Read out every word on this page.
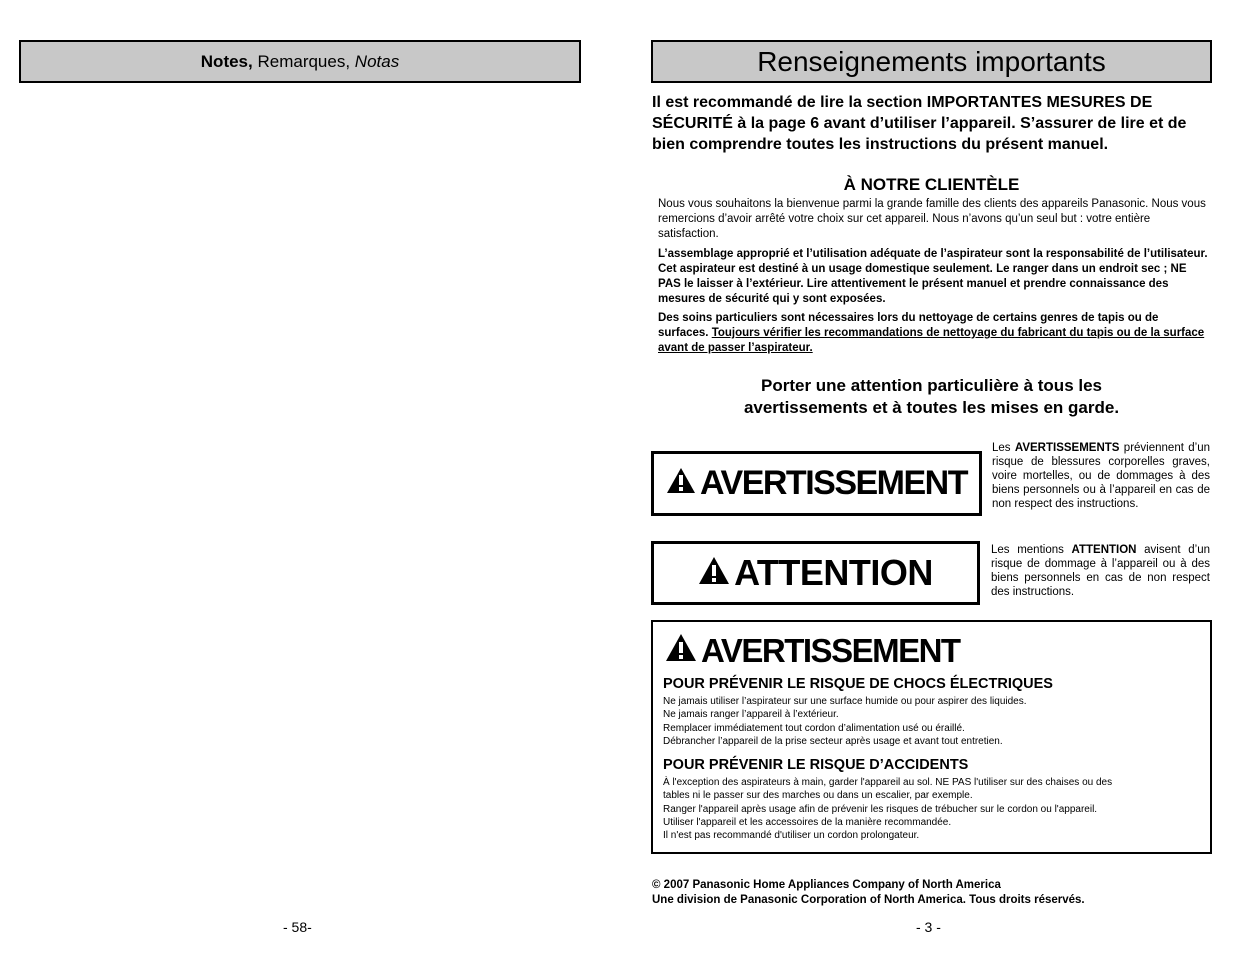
Notes, Remarques, Notas
- 58-
Renseignements importants
Il est recommandé de lire la section IMPORTANTES MESURES DE SÉCURITÉ à la page 6 avant d’utiliser l’appareil. S’assurer de lire et de bien comprendre toutes les instructions du présent manuel.
À NOTRE CLIENTÈLE
Nous vous souhaitons la bienvenue parmi la grande famille des clients des appareils Panasonic. Nous vous remercions d’avoir arrêté votre choix sur cet appareil. Nous n’avons qu’un seul but : votre entière satisfaction.
L’assemblage approprié et l’utilisation adéquate de l’aspirateur sont la responsabilité de l’utilisateur. Cet aspirateur est destiné à un usage domestique seulement. Le ranger dans un endroit sec ; NE PAS le laisser à l’extérieur. Lire attentivement le présent manuel et prendre connaissance des mesures de sécurité qui y sont exposées.
Des soins particuliers sont nécessaires lors du nettoyage de certains genres de tapis ou de surfaces. Toujours vérifier les recommandations de nettoyage du fabricant du tapis ou de la surface avant de passer l’aspirateur.
Porter une attention particulière à tous les
avertissements et à toutes les mises en garde.
AVERTISSEMENT
Les AVERTISSEMENTS préviennent d’un risque de blessures corporelles graves, voire mortelles, ou de dommages à des biens personnels ou à l’appareil en cas de non respect des instructions.
ATTENTION
Les mentions ATTENTION avisent d’un risque de dommage à l’appareil ou à des biens personnels en cas de non respect des instructions.
AVERTISSEMENT
POUR PRÉVENIR LE RISQUE DE CHOCS ÉLECTRIQUES
Ne jamais utiliser l’aspirateur sur une surface humide ou pour aspirer des liquides.
Ne jamais ranger l’appareil à l’extérieur.
Remplacer immédiatement tout cordon d’alimentation usé ou éraillé.
Débrancher l’appareil de la prise secteur après usage et avant tout entretien.
POUR PRÉVENIR LE RISQUE D’ACCIDENTS
À l'exception des aspirateurs à main, garder l'appareil au sol. NE PAS l'utiliser sur des chaises ou des
tables ni le passer sur des marches ou dans un escalier, par exemple.
Ranger l'appareil après usage afin de prévenir les risques de trébucher sur le cordon ou l'appareil.
Utiliser l'appareil et les accessoires de la manière recommandée.
Il n'est pas recommandé d'utiliser un cordon prolongateur.
© 2007 Panasonic Home Appliances Company of North America
Une division de Panasonic Corporation of North America. Tous droits réservés.
- 3 -
